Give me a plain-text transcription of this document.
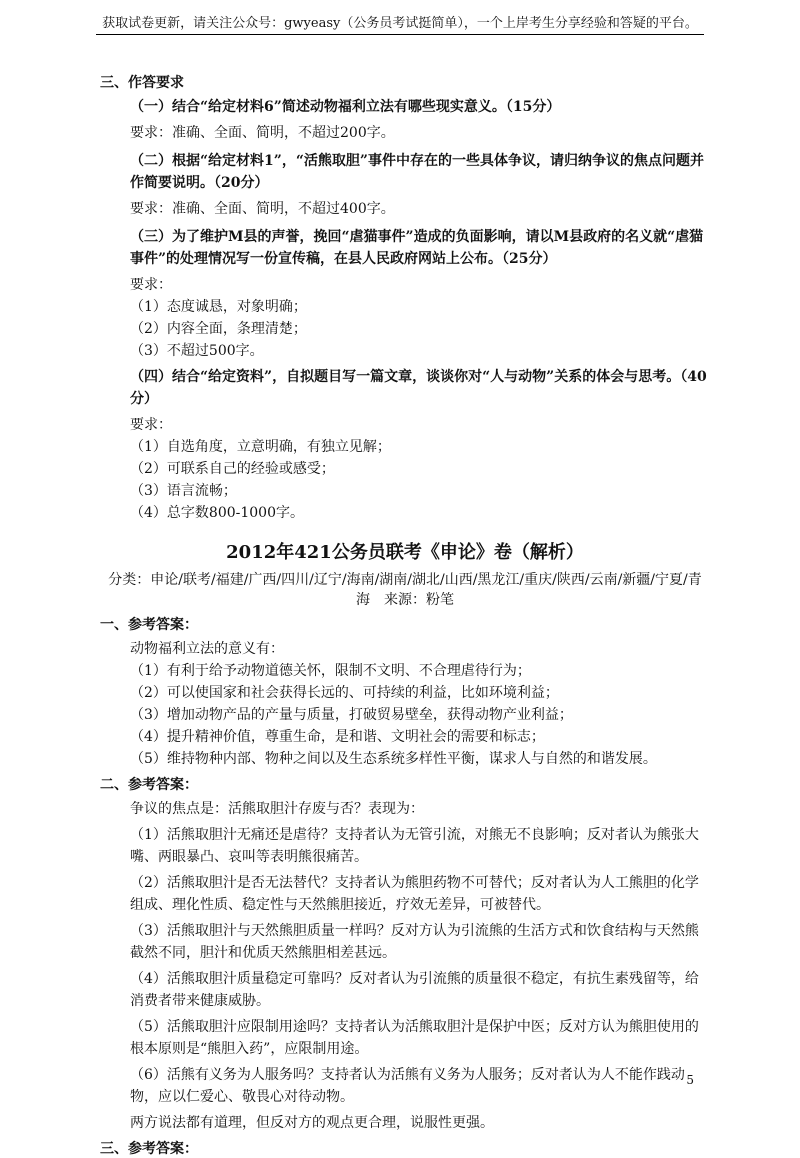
获取试卷更新，请关注公众号：gwyeasy（公务员考试挺简单），一个上岸考生分享经验和答疑的平台。

三、作答要求

（一）结合“给定材料6”简述动物福利立法有哪些现实意义。（15分）

要求：准确、全面、简明，不超过200字。

（二）根据“给定材料1”，“活熊取胆”事件中存在的一些具体争议，请归纳争议的焦点问题并作简要说明。（20分）

要求：准确、全面、简明，不超过400字。

（三）为了维护M县的声誉，挽回“虐猫事件”造成的负面影响，请以M县政府的名义就“虐猫事件”的处理情况写一份宣传稿，在县人民政府网站上公布。（25分）

要求：

（1）态度诚恳，对象明确；

（2）内容全面，条理清楚；

（3）不超过500字。

（四）结合“给定资料”，自拟题目写一篇文章，谈谈你对“人与动物”关系的体会与思考。（40分）

要求：

（1）自选角度，立意明确，有独立见解；

（2）可联系自己的经验或感受；

（3）语言流畅；

（4）总字数800-1000字。

2012年421公务员联考《申论》卷（解析）

分类：申论/联考/福建/广西/四川/辽宁/海南/湖南/湖北/山西/黑龙江/重庆/陕西/云南/新疆/宁夏/青海　来源：粉笔

一、参考答案：

动物福利立法的意义有：

（1）有利于给予动物道德关怀，限制不文明、不合理虐待行为；

（2）可以使国家和社会获得长远的、可持续的利益，比如环境利益；

（3）增加动物产品的产量与质量，打破贸易壁垒，获得动物产业利益；

（4）提升精神价值，尊重生命，是和谐、文明社会的需要和标志；

（5）维持物种内部、物种之间以及生态系统多样性平衡，谋求人与自然的和谐发展。

二、参考答案：

争议的焦点是：活熊取胆汁存废与否？表现为：

（1）活熊取胆汁无痛还是虐待？支持者认为无管引流，对熊无不良影响；反对者认为熊张大嘴、两眼暴凸、哀叫等表明熊很痛苦。

（2）活熊取胆汁是否无法替代？支持者认为熊胆药物不可替代；反对者认为人工熊胆的化学组成、理化性质、稳定性与天然熊胆接近，疗效无差异，可被替代。

（3）活熊取胆汁与天然熊胆质量一样吗？反对方认为引流熊的生活方式和饮食结构与天然熊截然不同，胆汁和优质天然熊胆相差甚远。

（4）活熊取胆汁质量稳定可靠吗？反对者认为引流熊的质量很不稳定，有抗生素残留等，给消费者带来健康威胁。

（5）活熊取胆汁应限制用途吗？支持者认为活熊取胆汁是保护中医；反对方认为熊胆使用的根本原则是“熊胆入药”，应限制用途。

（6）活熊有义务为人服务吗？支持者认为活熊有义务为人服务；反对者认为人不能作践动物，应以仁爱心、敬畏心对待动物。

两方说法都有道理，但反对方的观点更合理，说服性更强。

三、参考答案：

5
